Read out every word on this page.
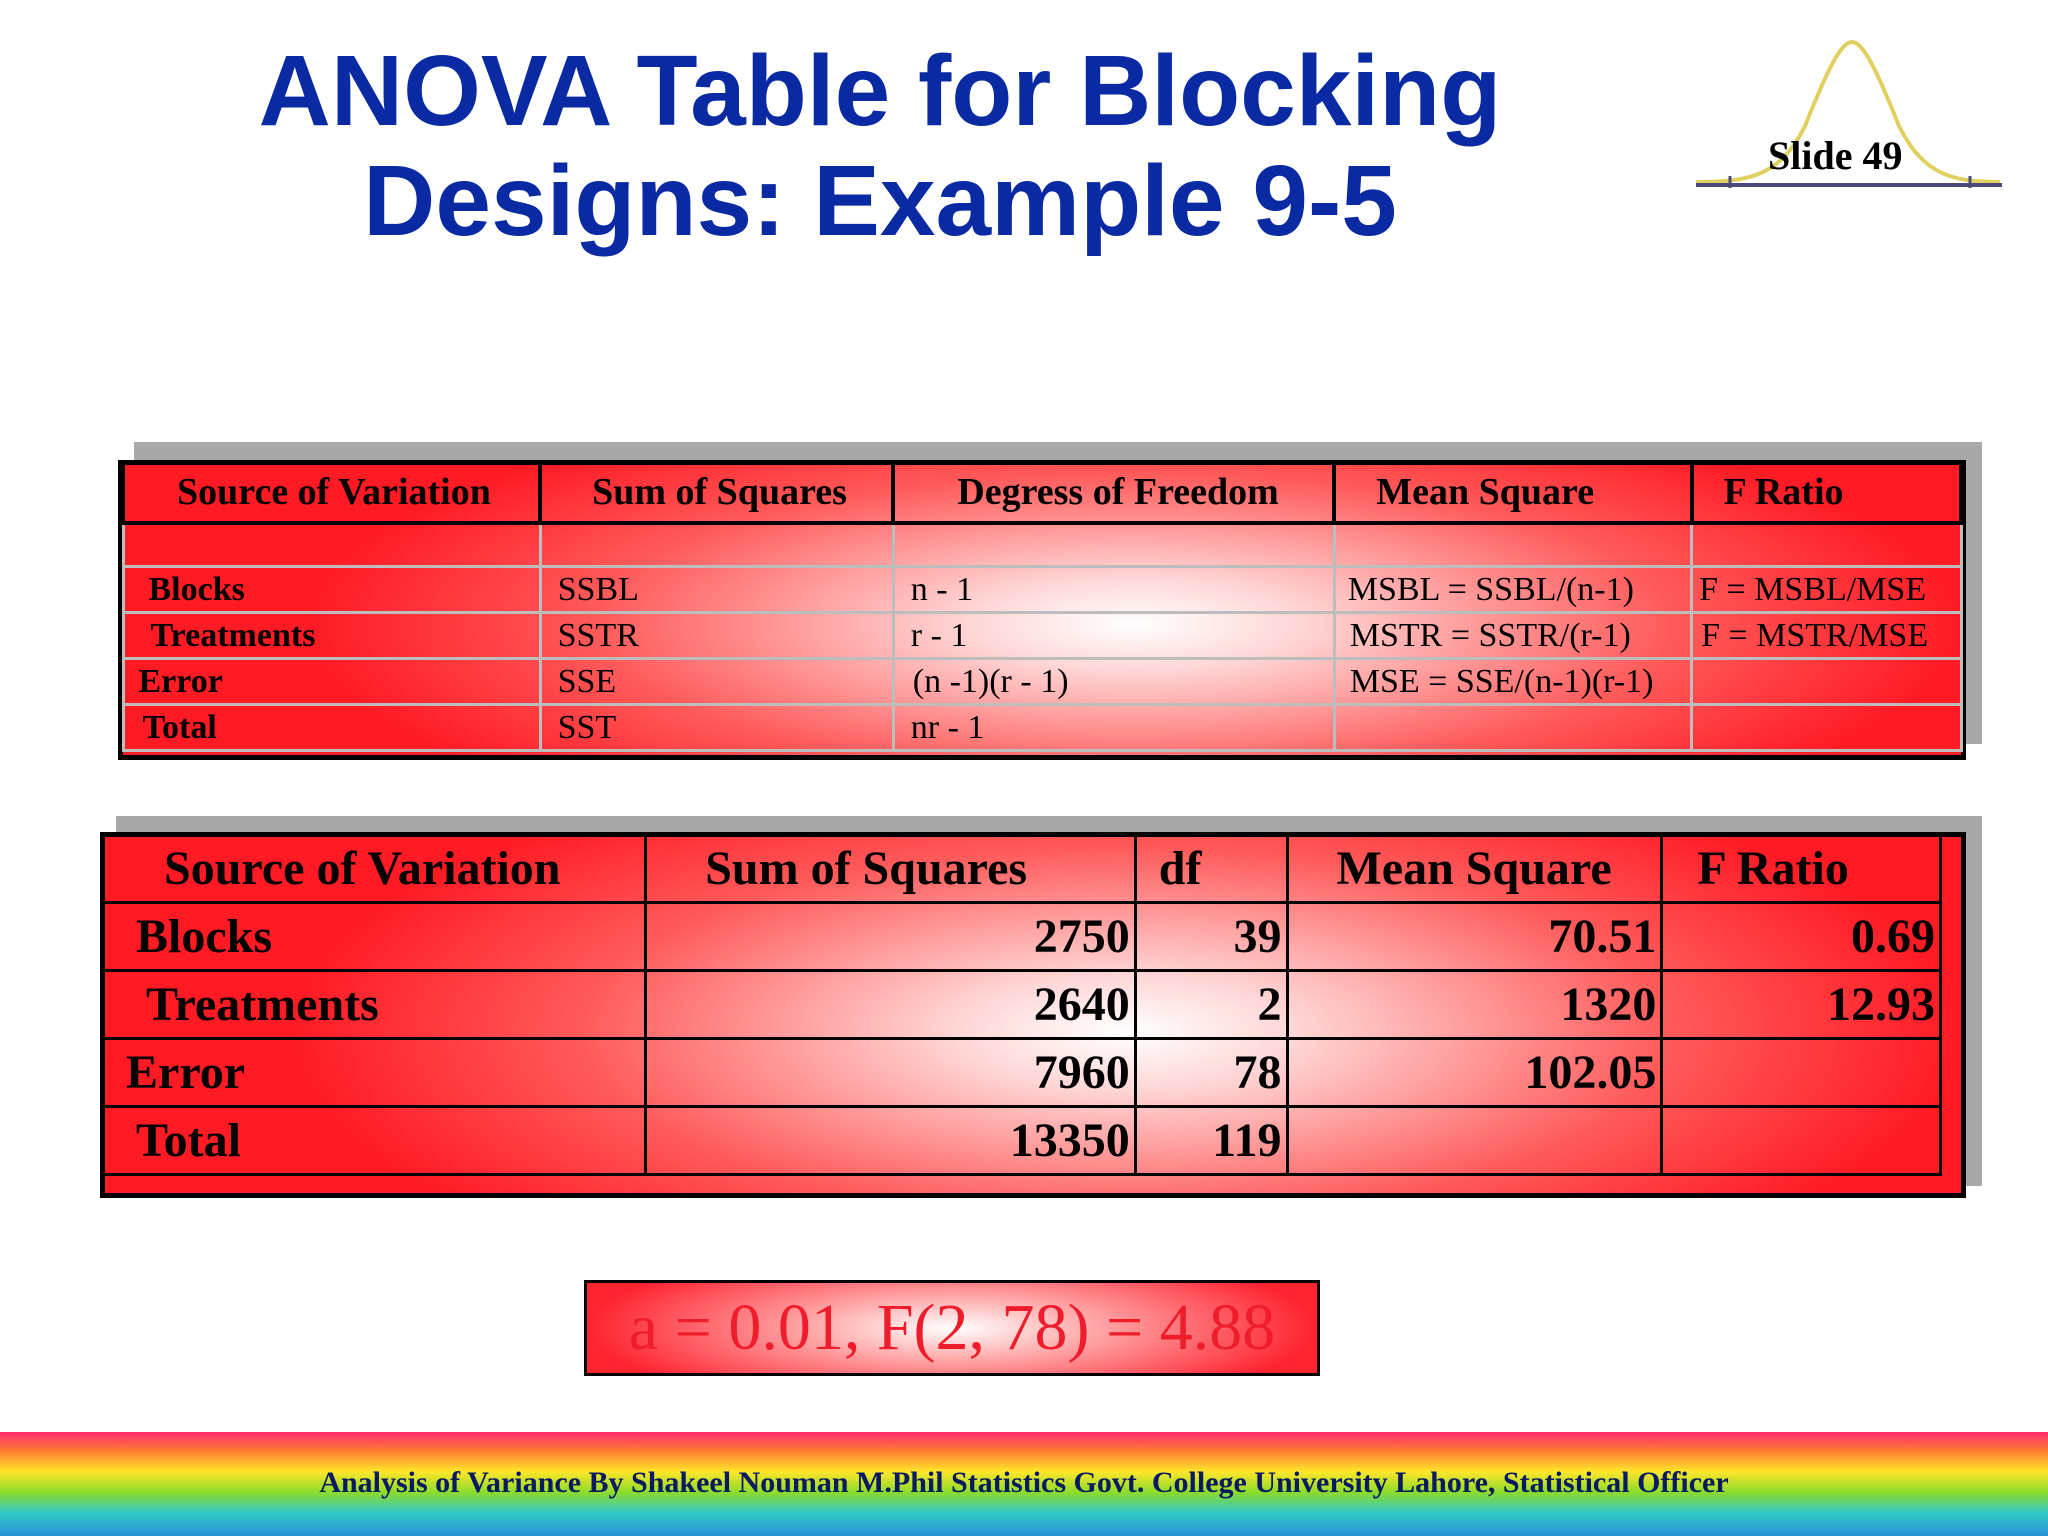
ANOVA Table for Blocking
Designs: Example 9-5	Slide 49
Source of Variation	Sum of Squares	Degress of Freedom	Mean Square	F Ratio

Blocks	SSBL	n - 1	MSBL = SSBL/(n-1)	F = MSBL/MSE
Treatments	SSTR	r - 1	MSTR = SSTR/(r-1)	F = MSTR/MSE
Error	SSE	(n -1)(r - 1)	MSE = SSE/(n-1)(r-1)	
Total	SST	nr - 1		
Source of Variation	Sum of Squares	df	Mean Square	F Ratio
Blocks	2750	39	70.51	0.69
Treatments	2640	2	1320	12.93
Error	7960	78	102.05	
Total	13350	119		
a = 0.01, F(2, 78) = 4.88
Analysis of Variance By Shakeel Nouman M.Phil Statistics Govt. College University Lahore, Statistical Officer
